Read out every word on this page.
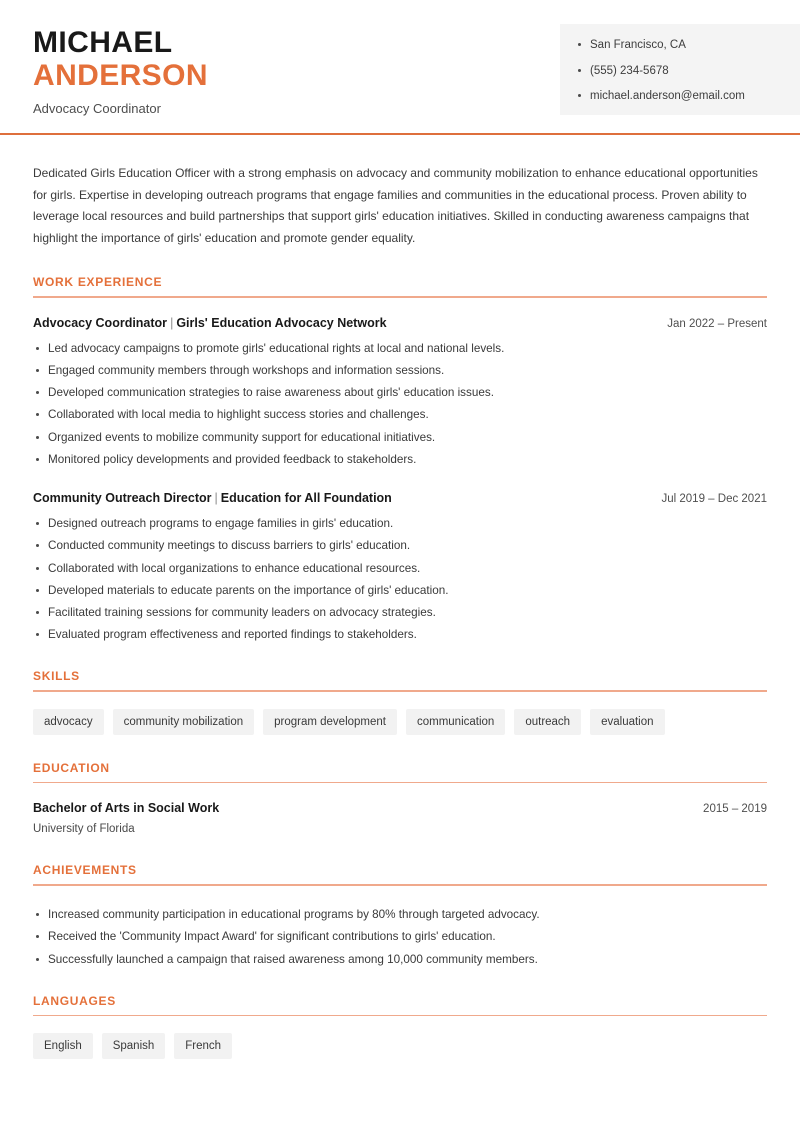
San Francisco, CA
(555) 234-5678
michael.anderson@email.com
MICHAEL
ANDERSON
Advocacy Coordinator

Dedicated Girls Education Officer with a strong emphasis on advocacy and community mobilization to enhance educational opportunities for girls. Expertise in developing outreach programs that engage families and communities in the educational process. Proven ability to leverage local resources and build partnerships that support girls' education initiatives. Skilled in conducting awareness campaigns that highlight the importance of girls' education and promote gender equality.

WORK EXPERIENCE
Advocacy Coordinator | Girls' Education Advocacy Network	Jan 2022 – Present
Led advocacy campaigns to promote girls' educational rights at local and national levels.
Engaged community members through workshops and information sessions.
Developed communication strategies to raise awareness about girls' education issues.
Collaborated with local media to highlight success stories and challenges.
Organized events to mobilize community support for educational initiatives.
Monitored policy developments and provided feedback to stakeholders.
Community Outreach Director | Education for All Foundation	Jul 2019 – Dec 2021
Designed outreach programs to engage families in girls' education.
Conducted community meetings to discuss barriers to girls' education.
Collaborated with local organizations to enhance educational resources.
Developed materials to educate parents on the importance of girls' education.
Facilitated training sessions for community leaders on advocacy strategies.
Evaluated program effectiveness and reported findings to stakeholders.
SKILLS
advocacy	community mobilization	program development	communication	outreach	evaluation
EDUCATION
Bachelor of Arts in Social Work	2015 – 2019
University of Florida
ACHIEVEMENTS
Increased community participation in educational programs by 80% through targeted advocacy.
Received the 'Community Impact Award' for significant contributions to girls' education.
Successfully launched a campaign that raised awareness among 10,000 community members.
LANGUAGES
English	Spanish	French
